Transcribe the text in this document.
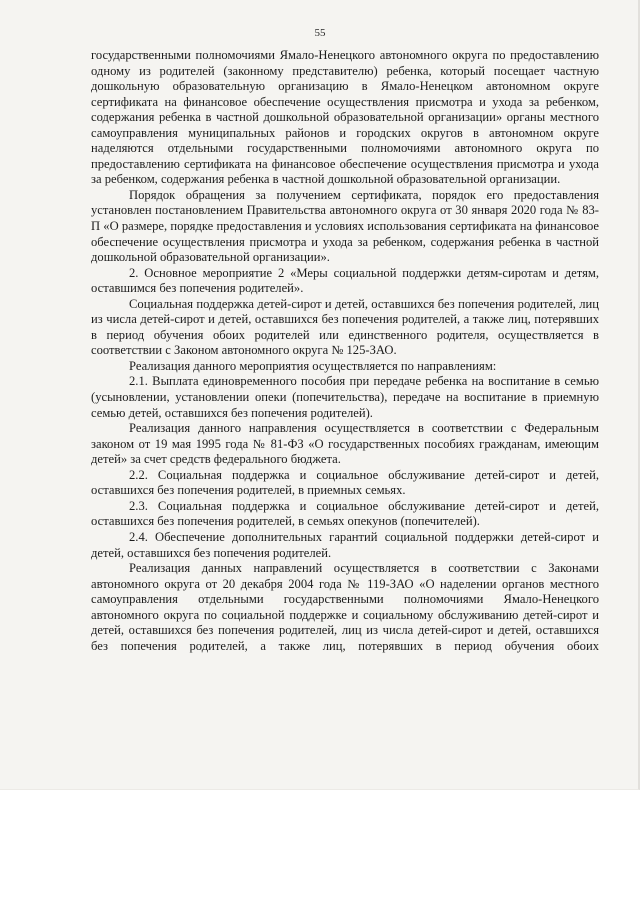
55

государственными полномочиями Ямало-Ненецкого автономного округа по предоставлению одному из родителей (законному представителю) ребенка, который посещает частную дошкольную образовательную организацию в Ямало-Ненецком автономном округе сертификата на финансовое обеспечение осуществления присмотра и ухода за ребенком, содержания ребенка в частной дошкольной образовательной организации» органы местного самоуправления муниципальных районов и городских округов в автономном округе наделяются отдельными государственными полномочиями автономного округа по предоставлению сертификата на финансовое обеспечение осуществления присмотра и ухода за ребенком, содержания ребенка в частной дошкольной образовательной организации.

Порядок обращения за получением сертификата, порядок его предоставления установлен постановлением Правительства автономного округа от 30 января 2020 года № 83-П «О размере, порядке предоставления и условиях использования сертификата на финансовое обеспечение осуществления присмотра и ухода за ребенком, содержания ребенка в частной дошкольной образовательной организации».

2. Основное мероприятие 2 «Меры социальной поддержки детям-сиротам и детям, оставшимся без попечения родителей».

Социальная поддержка детей-сирот и детей, оставшихся без попечения родителей, лиц из числа детей-сирот и детей, оставшихся без попечения родителей, а также лиц, потерявших в период обучения обоих родителей или единственного родителя, осуществляется в соответствии с Законом автономного округа № 125-ЗАО.

Реализация данного мероприятия осуществляется по направлениям:

2.1. Выплата единовременного пособия при передаче ребенка на воспитание в семью (усыновлении, установлении опеки (попечительства), передаче на воспитание в приемную семью детей, оставшихся без попечения родителей).

Реализация данного направления осуществляется в соответствии с Федеральным законом от 19 мая 1995 года № 81-ФЗ «О государственных пособиях гражданам, имеющим детей» за счет средств федерального бюджета.

2.2. Социальная поддержка и социальное обслуживание детей-сирот и детей, оставшихся без попечения родителей, в приемных семьях.

2.3. Социальная поддержка и социальное обслуживание детей-сирот и детей, оставшихся без попечения родителей, в семьях опекунов (попечителей).

2.4. Обеспечение дополнительных гарантий социальной поддержки детей-сирот и детей, оставшихся без попечения родителей.

Реализация данных направлений осуществляется в соответствии с Законами автономного округа от 20 декабря 2004 года № 119-ЗАО «О наделении органов местного самоуправления отдельными государственными полномочиями Ямало-Ненецкого автономного округа по социальной поддержке и социальному обслуживанию детей-сирот и детей, оставшихся без попечения родителей, лиц из числа детей-сирот и детей, оставшихся без попечения родителей, а также лиц, потерявших в период обучения обоих
